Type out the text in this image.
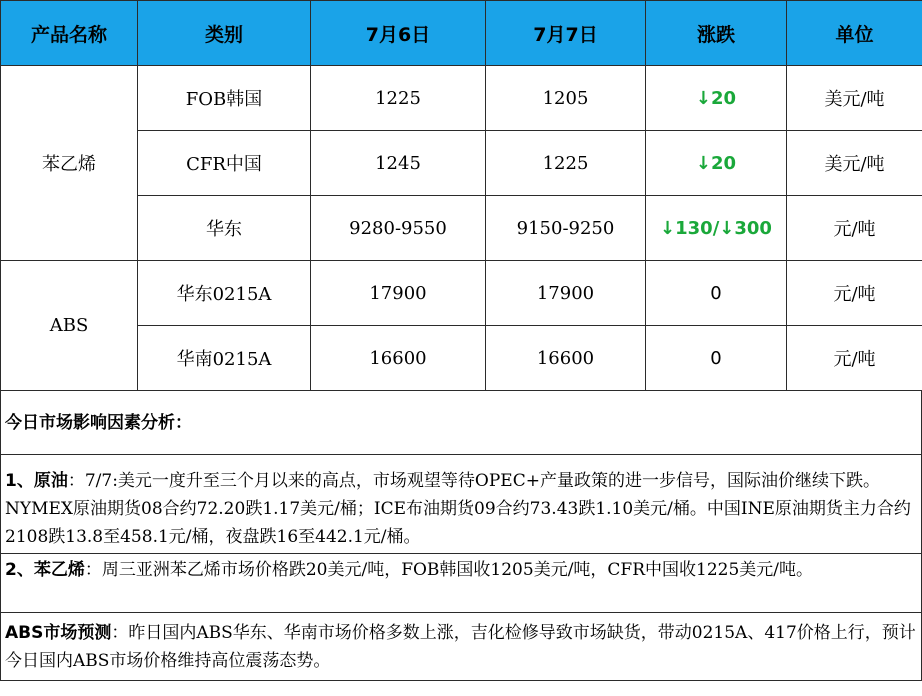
产品名称	类别	7月6日	7月7日	涨跌	单位
苯乙烯	FOB韩国	1225	1205	↓20	美元/吨
	CFR中国	1245	1225	↓20	美元/吨
	华东	9280-9550	9150-9250	↓130/↓300	元/吨
ABS	华东0215A	17900	17900	0	元/吨
	华南0215A	16600	16600	0	元/吨
今日市场影响因素分析：
1、原油：7/7:美元一度升至三个月以来的高点，市场观望等待OPEC+产量政策的进一步信号，国际油价继续下跌。NYMEX原油期货08合约72.20跌1.17美元/桶；ICE布油期货09合约73.43跌1.10美元/桶。中国INE原油期货主力合约2108跌13.8至458.1元/桶，夜盘跌16至442.1元/桶。
2、苯乙烯：周三亚洲苯乙烯市场价格跌20美元/吨，FOB韩国收1205美元/吨，CFR中国收1225美元/吨。
ABS市场预测：昨日国内ABS华东、华南市场价格多数上涨，吉化检修导致市场缺货，带动0215A、417价格上行，预计今日国内ABS市场价格维持高位震荡态势。
